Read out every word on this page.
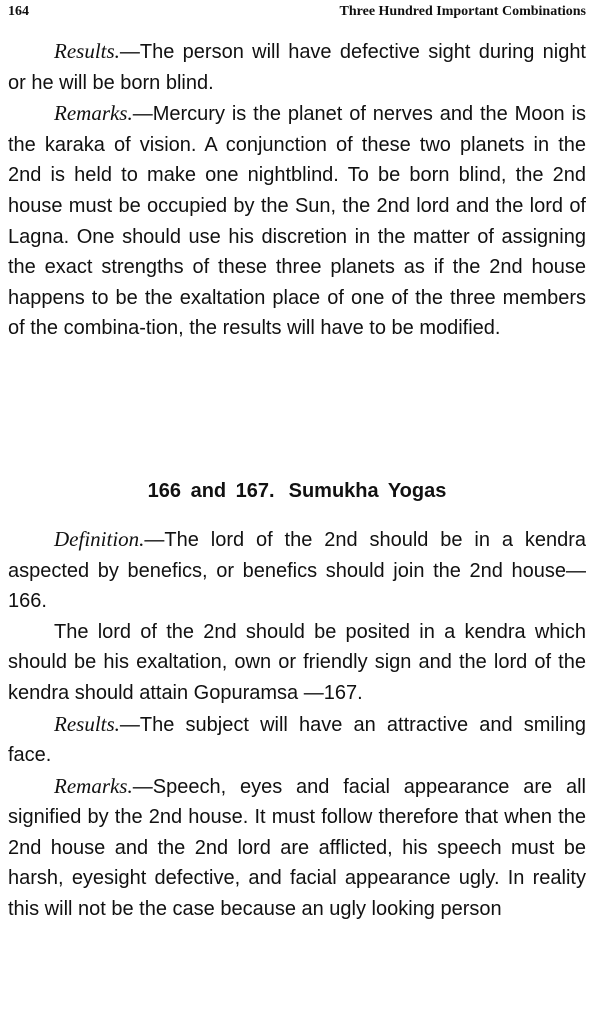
164	Three Hundred Important Combinations

Results.—The person will have defective sight during night or he will be born blind.

Remarks.—Mercury is the planet of nerves and the Moon is the karaka of vision. A conjunction of these two planets in the 2nd is held to make one nightblind. To be born blind, the 2nd house must be occupied by the Sun, the 2nd lord and the lord of Lagna. One should use his discretion in the matter of assigning the exact strengths of these three planets as if the 2nd house happens to be the exaltation place of one of the three members of the combina-tion, the results will have to be modified.

166 and 167. Sumukha Yogas

Definition.—The lord of the 2nd should be in a kendra aspected by benefics, or benefics should join the 2nd house—166.

The lord of the 2nd should be posited in a kendra which should be his exaltation, own or friendly sign and the lord of the kendra should attain Gopuramsa —167.

Results.—The subject will have an attractive and smiling face.

Remarks.—Speech, eyes and facial appearance are all signified by the 2nd house. It must follow therefore that when the 2nd house and the 2nd lord are afflicted, his speech must be harsh, eyesight defective, and facial appearance ugly. In reality this will not be the case because an ugly looking person
